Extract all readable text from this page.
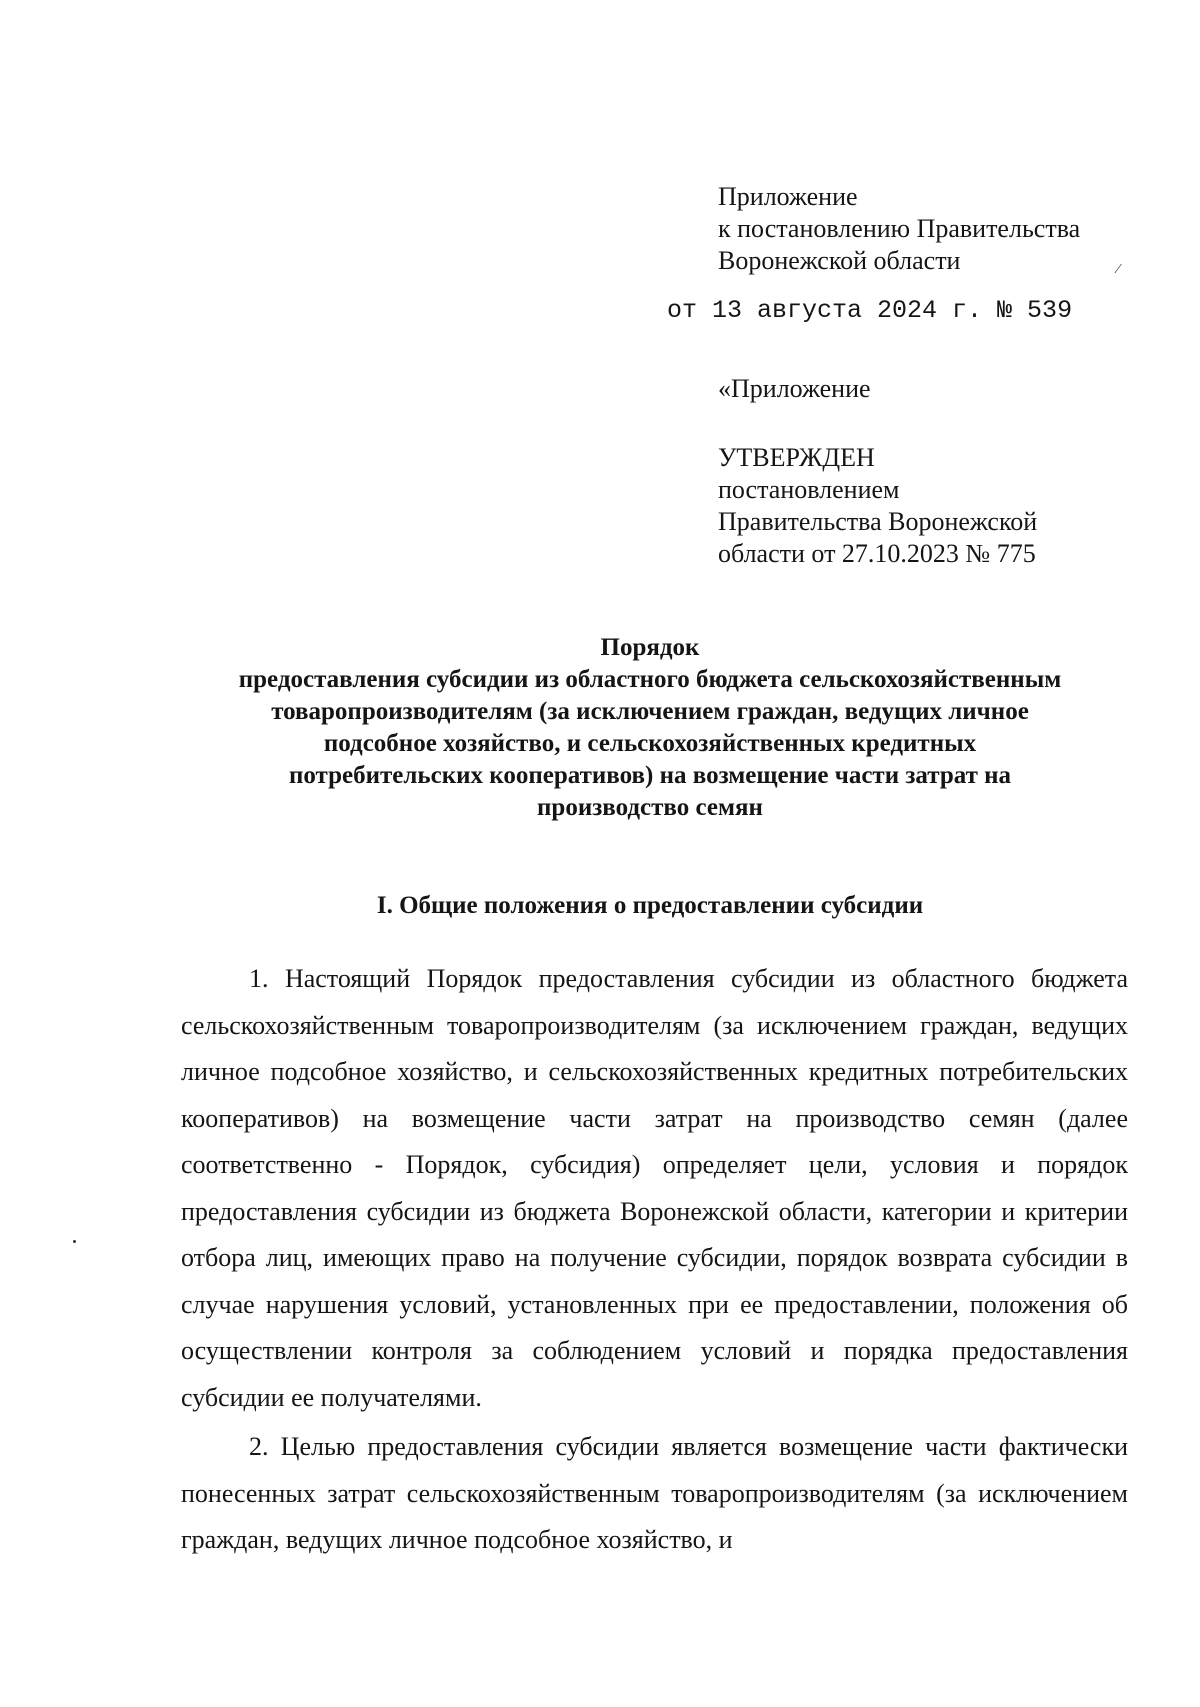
Приложение
к постановлению Правительства
Воронежской области	⁄
от 13 августа 2024 г. № 539
«Приложение
УТВЕРЖДЕН
постановлением
Правительства Воронежской
области от 27.10.2023 № 775
Порядок
предоставления субсидии из областного бюджета сельскохозяйственным
товаропроизводителям (за исключением граждан, ведущих личное
подсобное хозяйство, и сельскохозяйственных кредитных
потребительских кооперативов) на возмещение части затрат на
производство семян
I. Общие положения о предоставлении субсидии

1. Настоящий Порядок предоставления субсидии из областного бюджета сельскохозяйственным товаропроизводителям (за исключением граждан, ведущих личное подсобное хозяйство, и сельскохозяйственных кредитных потребительских кооперативов) на возмещение части затрат на производство семян (далее соответственно - Порядок, субсидия) определяет цели, условия и порядок предоставления субсидии из бюджета Воронежской области, категории и критерии отбора лиц, имеющих право на получение субсидии, порядок возврата субсидии в случае нарушения условий, установленных при ее предоставлении, положения об осуществлении контроля за соблюдением условий и порядка предоставления субсидии ее получателями.

2. Целью предоставления субсидии является возмещение части фактически понесенных затрат сельскохозяйственным товаропроизводителям (за исключением граждан, ведущих личное подсобное хозяйство, и
